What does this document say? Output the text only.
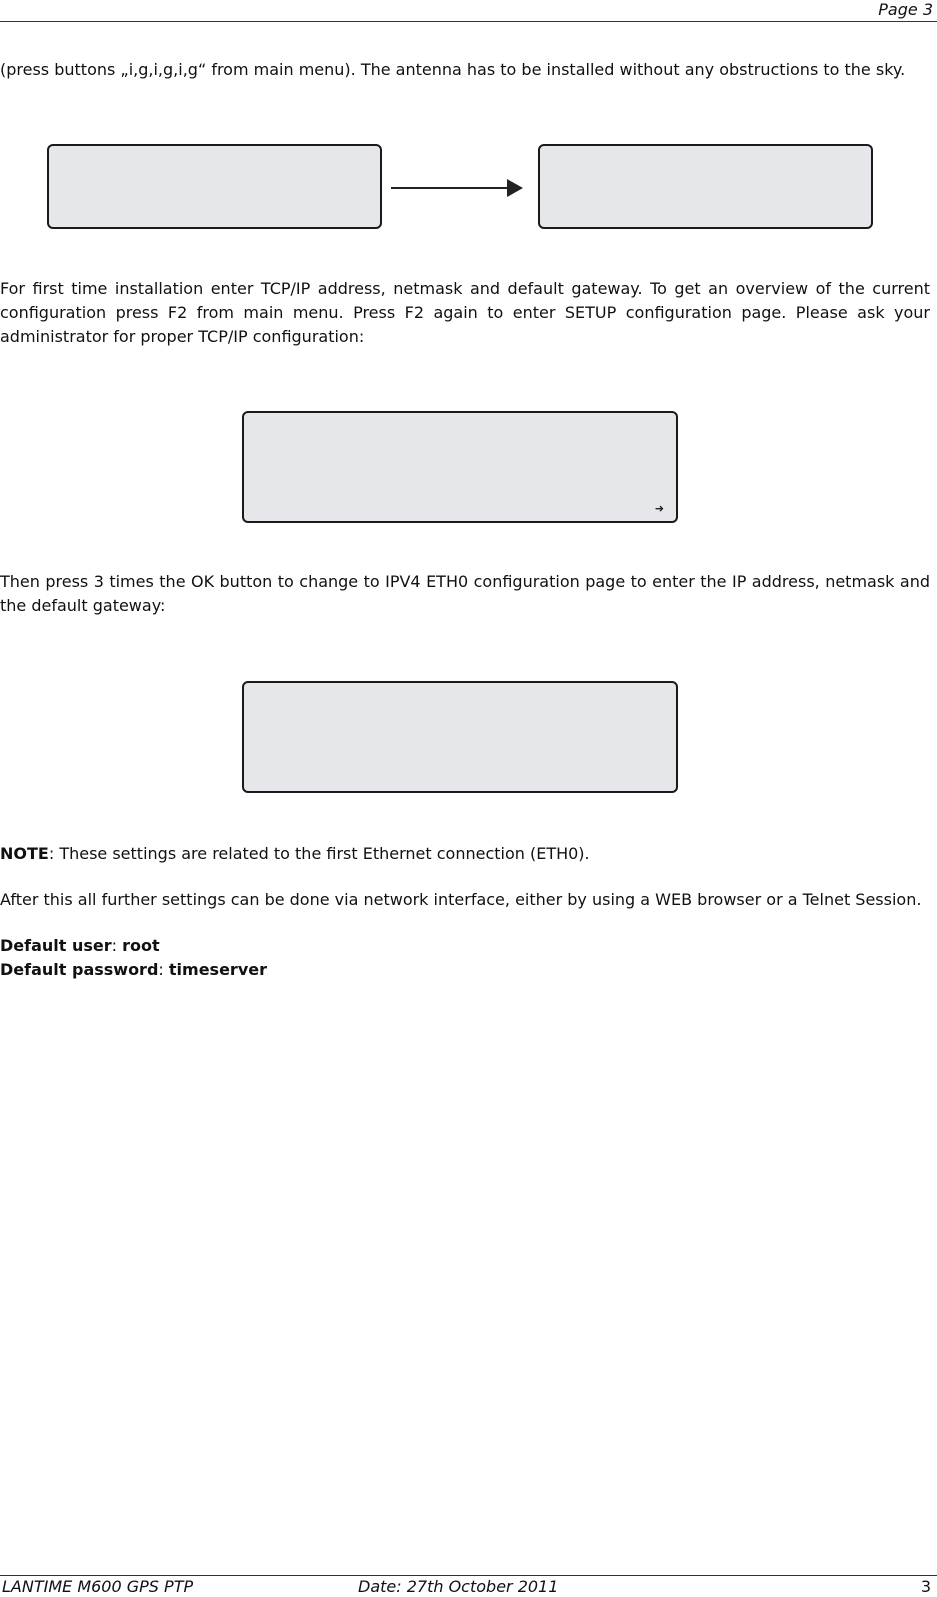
Page 3
(press buttons „i,g,i,g,i,g“ from main menu). The antenna has to be installed without any obstructions to the sky.
For first time installation enter TCP/IP address, netmask and default gateway. To get an overview of the current configuration press F2 from main menu. Press F2 again to enter SETUP configuration page. Please ask your administrator for proper TCP/IP configuration:
➜
Then press 3 times the OK button to change to IPV4 ETH0 configuration page to enter the IP address, netmask and the default gateway:
NOTE: These settings are related to the first Ethernet connection (ETH0).
After this all further settings can be done via network interface, either by using a WEB browser or a Telnet Session.
Default user: root
Default password: timeserver
LANTIME M600 GPS PTP	Date: 27th October 2011	3
